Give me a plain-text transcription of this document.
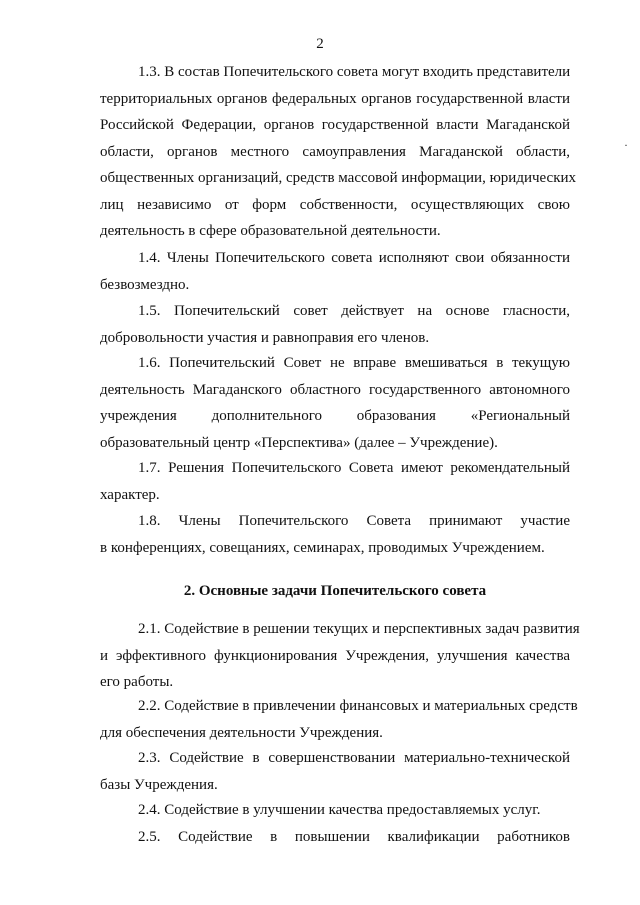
2
1.3. В состав Попечительского совета могут входить представители
территориальных органов федеральных органов государственной власти
Российской Федерации, органов государственной власти Магаданской
области, органов местного самоуправления Магаданской области,
общественных организаций, средств массовой информации, юридических
лиц независимо от форм собственности, осуществляющих свою
деятельность в сфере образовательной деятельности.
1.4. Члены Попечительского совета исполняют свои обязанности
безвозмездно.
1.5. Попечительский совет действует на основе гласности,
добровольности участия и равноправия его членов.
1.6. Попечительский Совет не вправе вмешиваться в текущую
деятельность Магаданского областного государственного автономного
учреждения дополнительного образования «Региональный
образовательный центр «Перспектива» (далее – Учреждение).
1.7. Решения Попечительского Совета имеют рекомендательный
характер.
1.8. Члены Попечительского Совета принимают участие
в конференциях, совещаниях, семинарах, проводимых Учреждением.
2. Основные задачи Попечительского совета
2.1. Содействие в решении текущих и перспективных задач развития
и эффективного функционирования Учреждения, улучшения качества
его работы.
2.2. Содействие в привлечении финансовых и материальных средств
для обеспечения деятельности Учреждения.
2.3. Содействие в совершенствовании материально-технической
базы Учреждения.
2.4. Содействие в улучшении качества предоставляемых услуг.
2.5. Содействие в повышении квалификации работников
·
